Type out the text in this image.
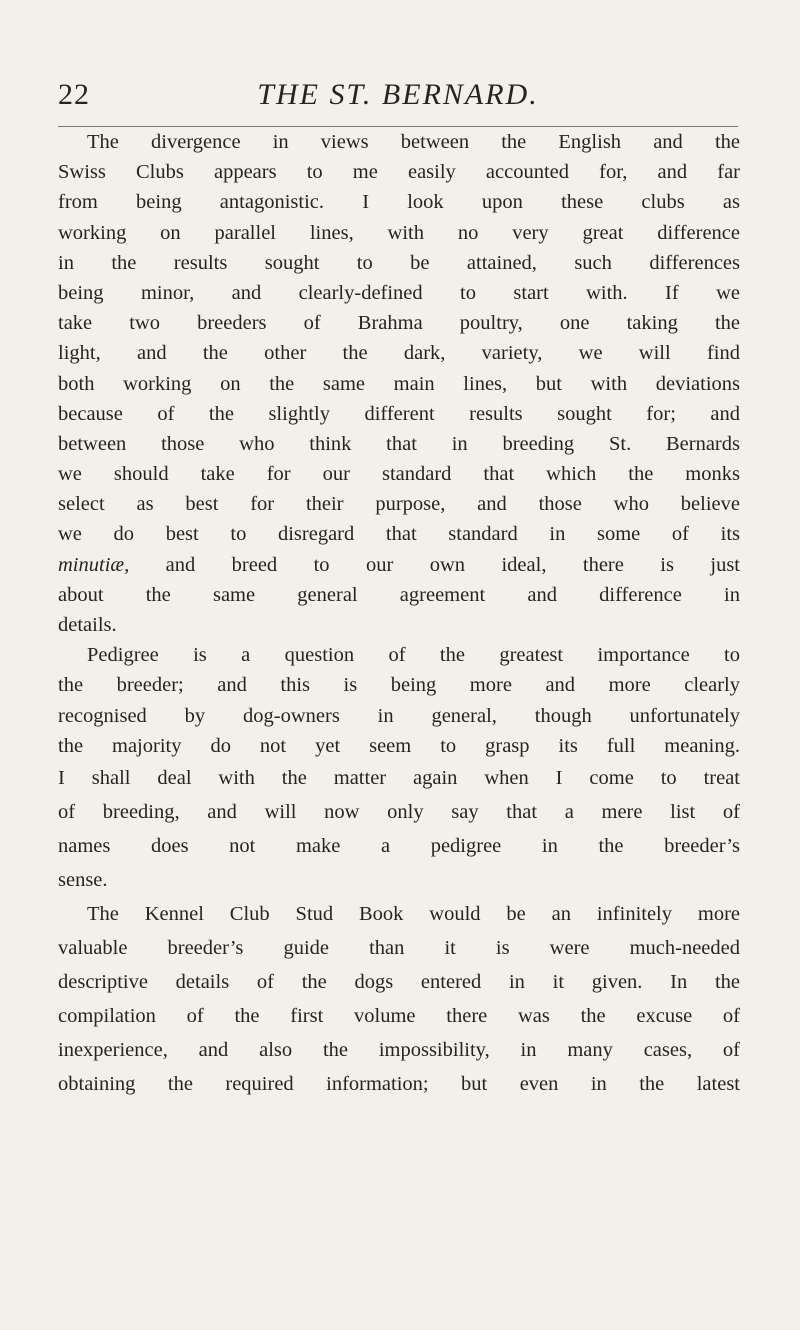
22	THE ST. BERNARD.
The divergence in views between the English and the
Swiss Clubs appears to me easily accounted for, and far
from being antagonistic. I look upon these clubs as
working on parallel lines, with no very great difference
in the results sought to be attained, such differences
being minor, and clearly-defined to start with. If we
take two breeders of Brahma poultry, one taking the
light, and the other the dark, variety, we will find
both working on the same main lines, but with deviations
because of the slightly different results sought for; and
between those who think that in breeding St. Bernards
we should take for our standard that which the monks
select as best for their purpose, and those who believe
we do best to disregard that standard in some of its
minutiæ, and breed to our own ideal, there is just
about the same general agreement and difference in
details.
Pedigree is a question of the greatest importance to
the breeder; and this is being more and more clearly
recognised by dog-owners in general, though unfortunately
the majority do not yet seem to grasp its full meaning.
I shall deal with the matter again when I come to treat
of breeding, and will now only say that a mere list of
names does not make a pedigree in the breeder’s
sense.
The Kennel Club Stud Book would be an infinitely more
valuable breeder’s guide than it is were much-needed
descriptive details of the dogs entered in it given. In the
compilation of the first volume there was the excuse of
inexperience, and also the impossibility, in many cases, of
obtaining the required information; but even in the latest
